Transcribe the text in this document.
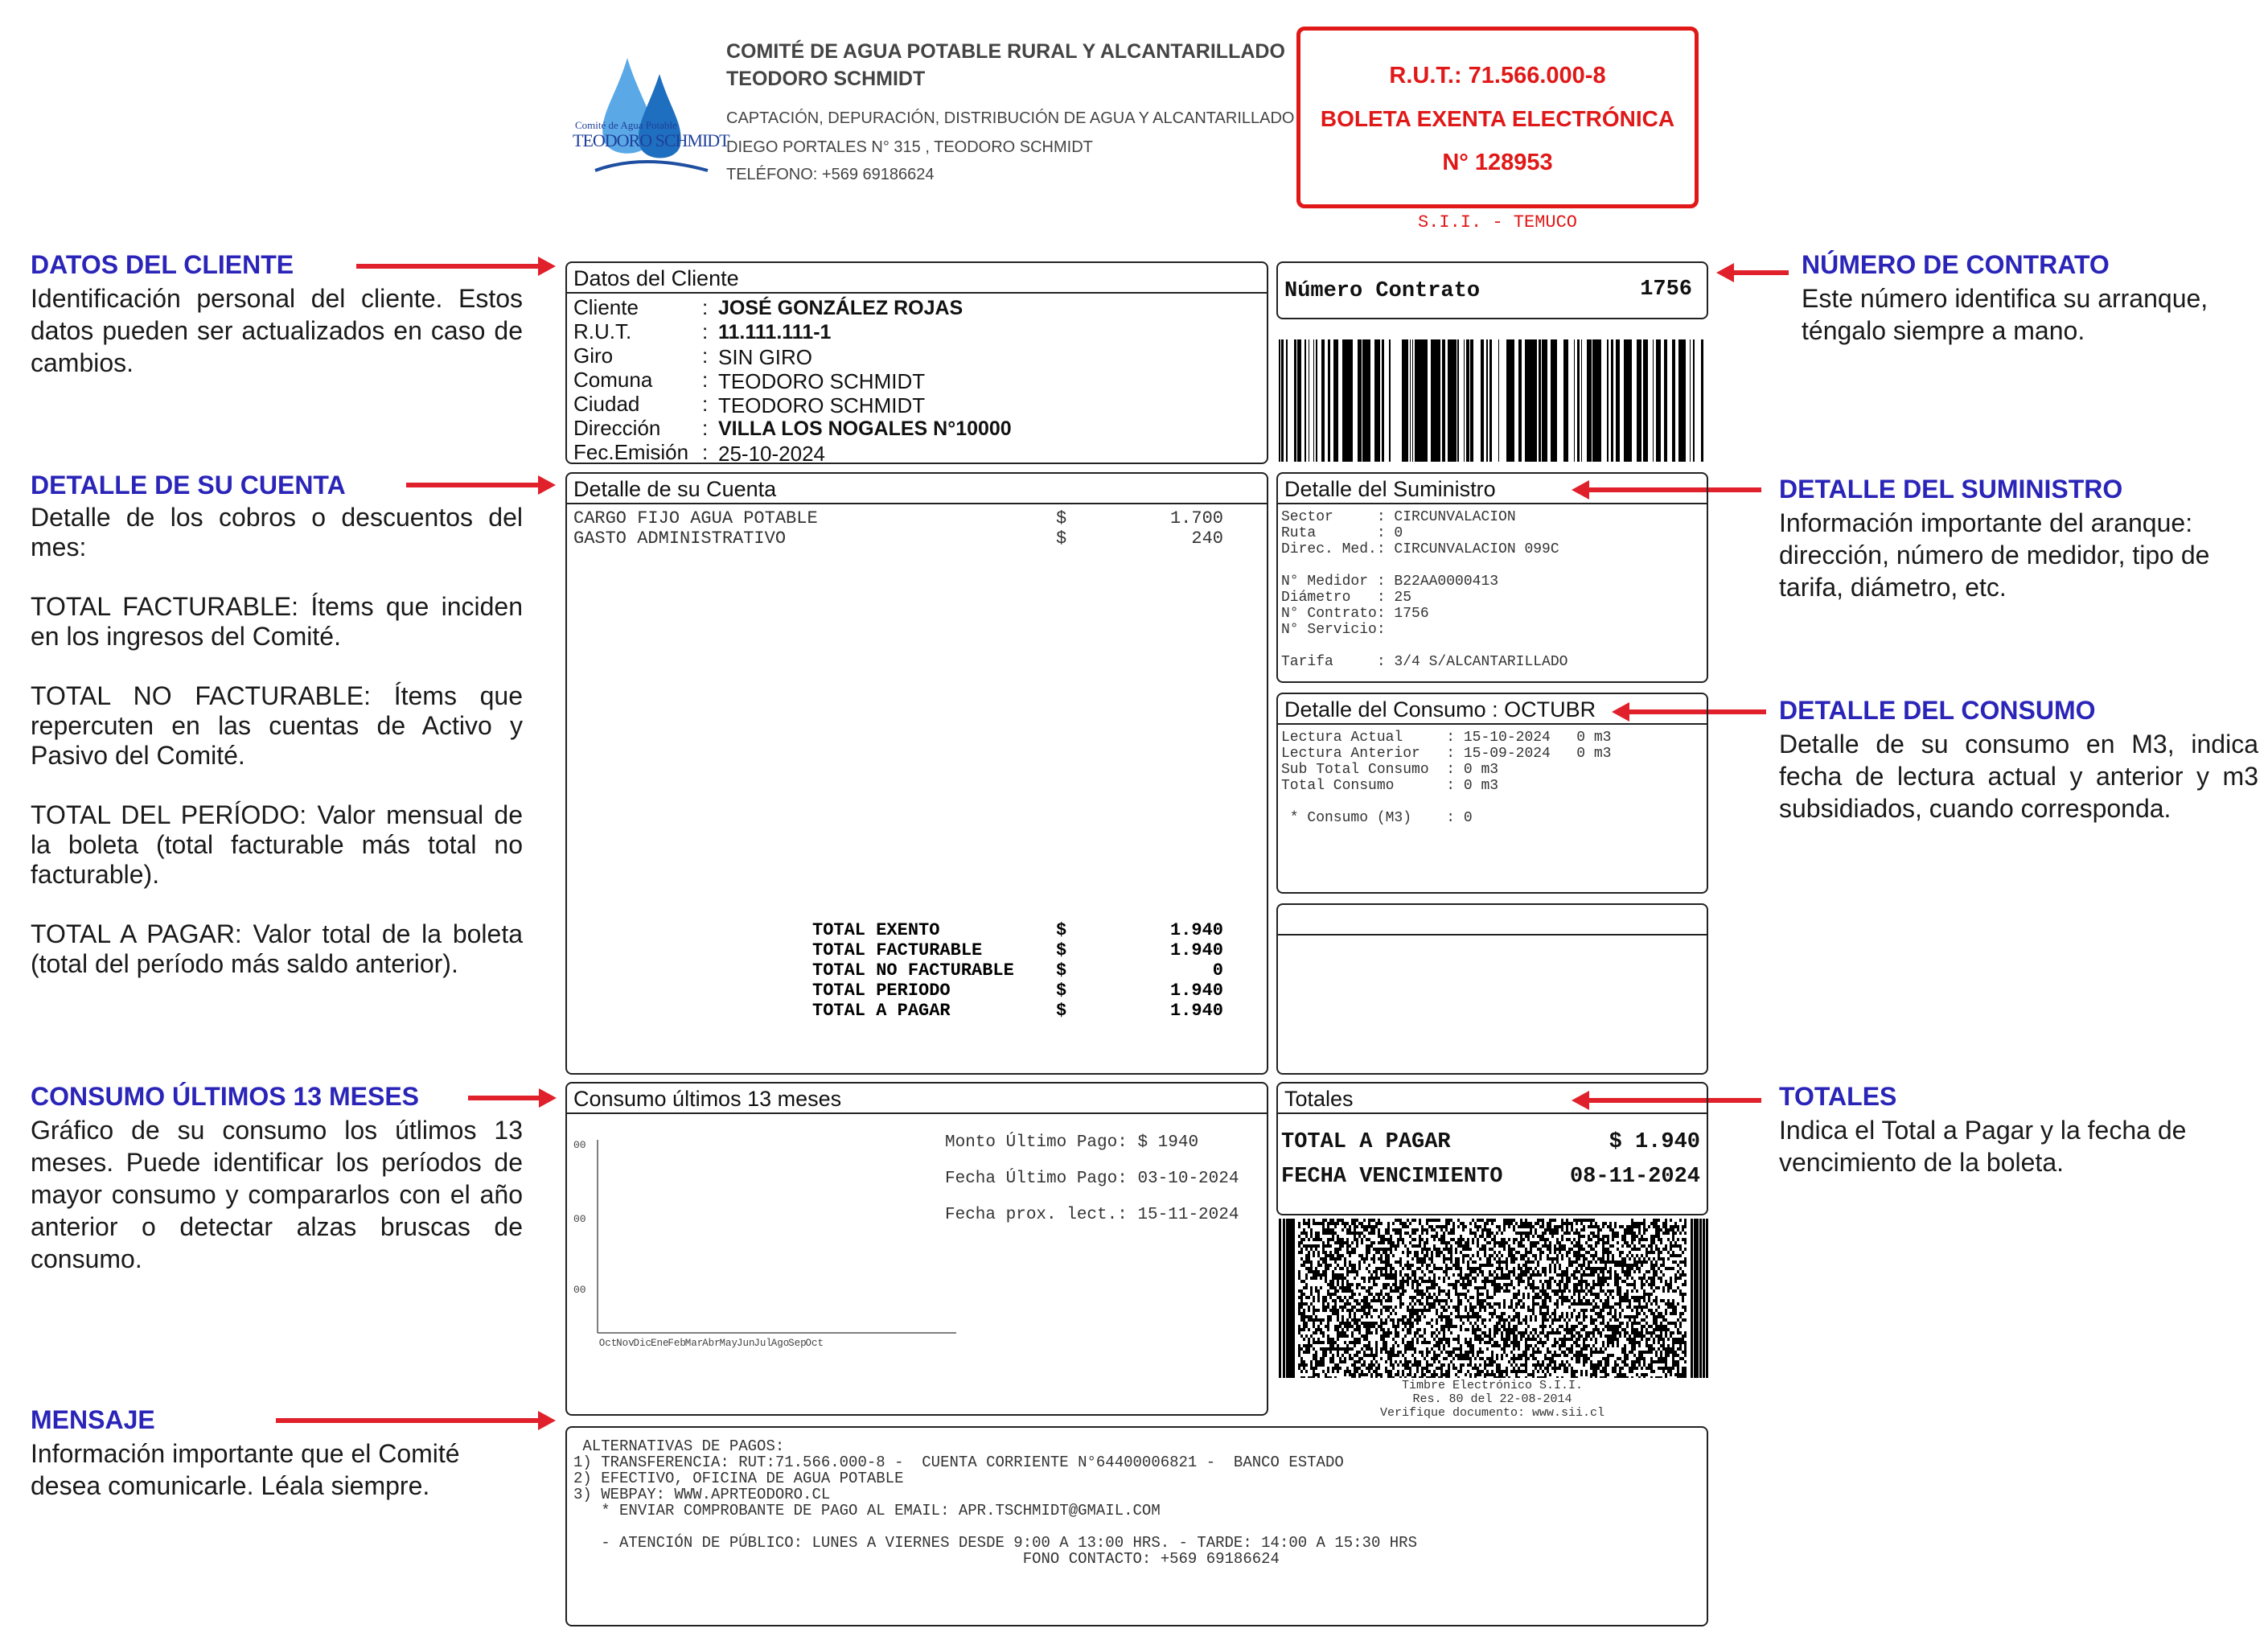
Comité de Agua Potable
TEODORO SCHMIDT
COMITÉ DE AGUA POTABLE RURAL Y ALCANTARILLADO
TEODORO SCHMIDT
CAPTACIÓN, DEPURACIÓN, DISTRIBUCIÓN DE AGUA Y ALCANTARILLADO
DIEGO PORTALES N° 315 , TEODORO SCHMIDT
TELÉFONO: +569 69186624
R.U.T.: 71.566.000-8
BOLETA EXENTA ELECTRÓNICA
N° 128953
S.I.I. - TEMUCO
DATOS DEL CLIENTE
Identificación personal del cliente. Estos datos pueden ser actualizados en caso de cambios.
DETALLE DE SU CUENTA
Detalle de los cobros o descuentos del mes:

TOTAL FACTURABLE: Ítems que inciden en los ingresos del Comité.

TOTAL NO FACTURABLE: Ítems que repercuten en las cuentas de Activo y Pasivo del Comité.

TOTAL DEL PERÍODO: Valor mensual de la boleta (total facturable más total no facturable).

TOTAL A PAGAR: Valor total de la boleta (total del período más saldo anterior).
CONSUMO ÚLTIMOS 13 MESES
Gráfico de su consumo los útlimos 13 meses. Puede identificar los períodos de mayor consumo y compararlos con el año anterior o detectar alzas bruscas de consumo.
MENSAJE
Información importante que el Comité desea comunicarle. Léala siempre.
NÚMERO DE CONTRATO
Este número identifica su arranque, téngalo siempre a mano.
DETALLE DEL SUMINISTRO
Información importante del aranque: dirección, número de medidor, tipo de tarifa, diámetro, etc.
DETALLE DEL CONSUMO
Detalle de su consumo en M3, indica fecha de lectura actual y anterior y m3 subsidiados, cuando corresponda.
TOTALES
Indica el Total a Pagar y la fecha de vencimiento de la boleta.
Datos del Cliente
Cliente	: JOSÉ GONZÁLEZ ROJAS
R.U.T.	: 11.111.111-1
Giro	: SIN GIRO
Comuna : TEODORO SCHMIDT
Ciudad	: TEODORO SCHMIDT
Dirección : VILLA LOS NOGALES N°10000
Fec.Emisión : 25-10-2024
Número Contrato	1756
Detalle de su Cuenta
CARGO FIJO AGUA POTABLE	$	1.700
GASTO ADMINISTRATIVO	$	240
TOTAL EXENTO	$	1.940
TOTAL FACTURABLE	$	1.940
TOTAL NO FACTURABLE $	0
TOTAL PERIODO	$	1.940
TOTAL A PAGAR	$	1.940
Detalle del Suministro
Sector     : CIRCUNVALACION
Ruta       : 0
Direc. Med.: CIRCUNVALACION 099C
N° Medidor : B22AA0000413
Diámetro   : 25
N° Contrato: 1756
N° Servicio:
Tarifa     : 3/4 S/ALCANTARILLADO
Detalle del Consumo : OCTUBR
Lectura Actual     : 15-10-2024   0 m3
Lectura Anterior   : 15-09-2024   0 m3
Sub Total Consumo  : 0 m3
Total Consumo      : 0 m3
* Consumo (M3)    : 0
Consumo últimos 13 meses
00
00
00
Oct
Nov
Dic
Ene
Feb
Mar
Abr
May
Jun
Jul
Ago
Sep
Oct
Monto Último Pago: $ 1940
Fecha Último Pago: 03-10-2024
Fecha prox. lect.: 15-11-2024
Totales
TOTAL A PAGAR	$ 1.940
FECHA VENCIMIENTO	08-11-2024
Timbre Electrónico S.I.I.
Res. 80 del 22-08-2014
Verifique documento: www.sii.cl
ALTERNATIVAS DE PAGOS:
1) TRANSFERENCIA: RUT:71.566.000-8 -  CUENTA CORRIENTE N°64400006821 -  BANCO ESTADO
2) EFECTIVO, OFICINA DE AGUA POTABLE
3) WEBPAY: WWW.APRTEODORO.CL
* ENVIAR COMPROBANTE DE PAGO AL EMAIL: APR.TSCHMIDT@GMAIL.COM
- ATENCIÓN DE PÚBLICO: LUNES A VIERNES DESDE 9:00 A 13:00 HRS. - TARDE: 14:00 A 15:30 HRS
FONO CONTACTO: +569 69186624
